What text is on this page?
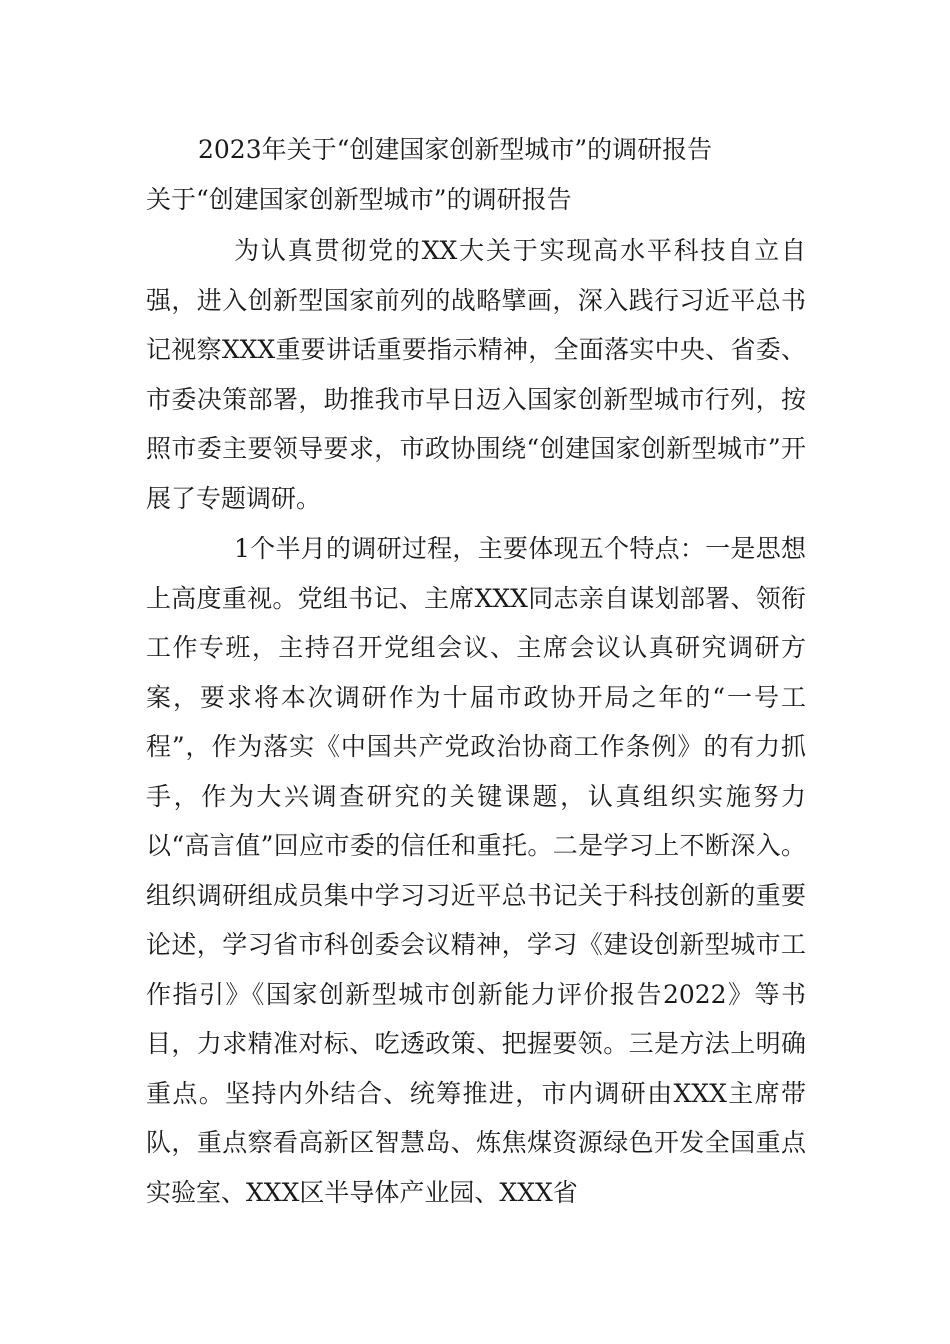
2023年关于“创建国家创新型城市”的调研报告
关于“创建国家创新型城市”的调研报告

为认真贯彻党的XX大关于实现高水平科技自立自强，进入创新型国家前列的战略擘画，深入践行习近平总书记视察XXX重要讲话重要指示精神，全面落实中央、省委、市委决策部署，助推我市早日迈入国家创新型城市行列，按照市委主要领导要求，市政协围绕“创建国家创新型城市”开展了专题调研。

1个半月的调研过程，主要体现五个特点：一是思想上高度重视。党组书记、主席XXX同志亲自谋划部署、领衔工作专班，主持召开党组会议、主席会议认真研究调研方案，要求将本次调研作为十届市政协开局之年的“一号工程”，作为落实《中国共产党政治协商工作条例》的有力抓手，作为大兴调查研究的关键课题，认真组织实施努力以“高言值”回应市委的信任和重托。二是学习上不断深入。组织调研组成员集中学习习近平总书记关于科技创新的重要论述，学习省市科创委会议精神，学习《建设创新型城市工作指引》《国家创新型城市创新能力评价报告2022》等书目，力求精准对标、吃透政策、把握要领。三是方法上明确重点。坚持内外结合、统筹推进，市内调研由XXX主席带队，重点察看高新区智慧岛、炼焦煤资源绿色开发全国重点实验室、XXX区半导体产业园、XXX省
